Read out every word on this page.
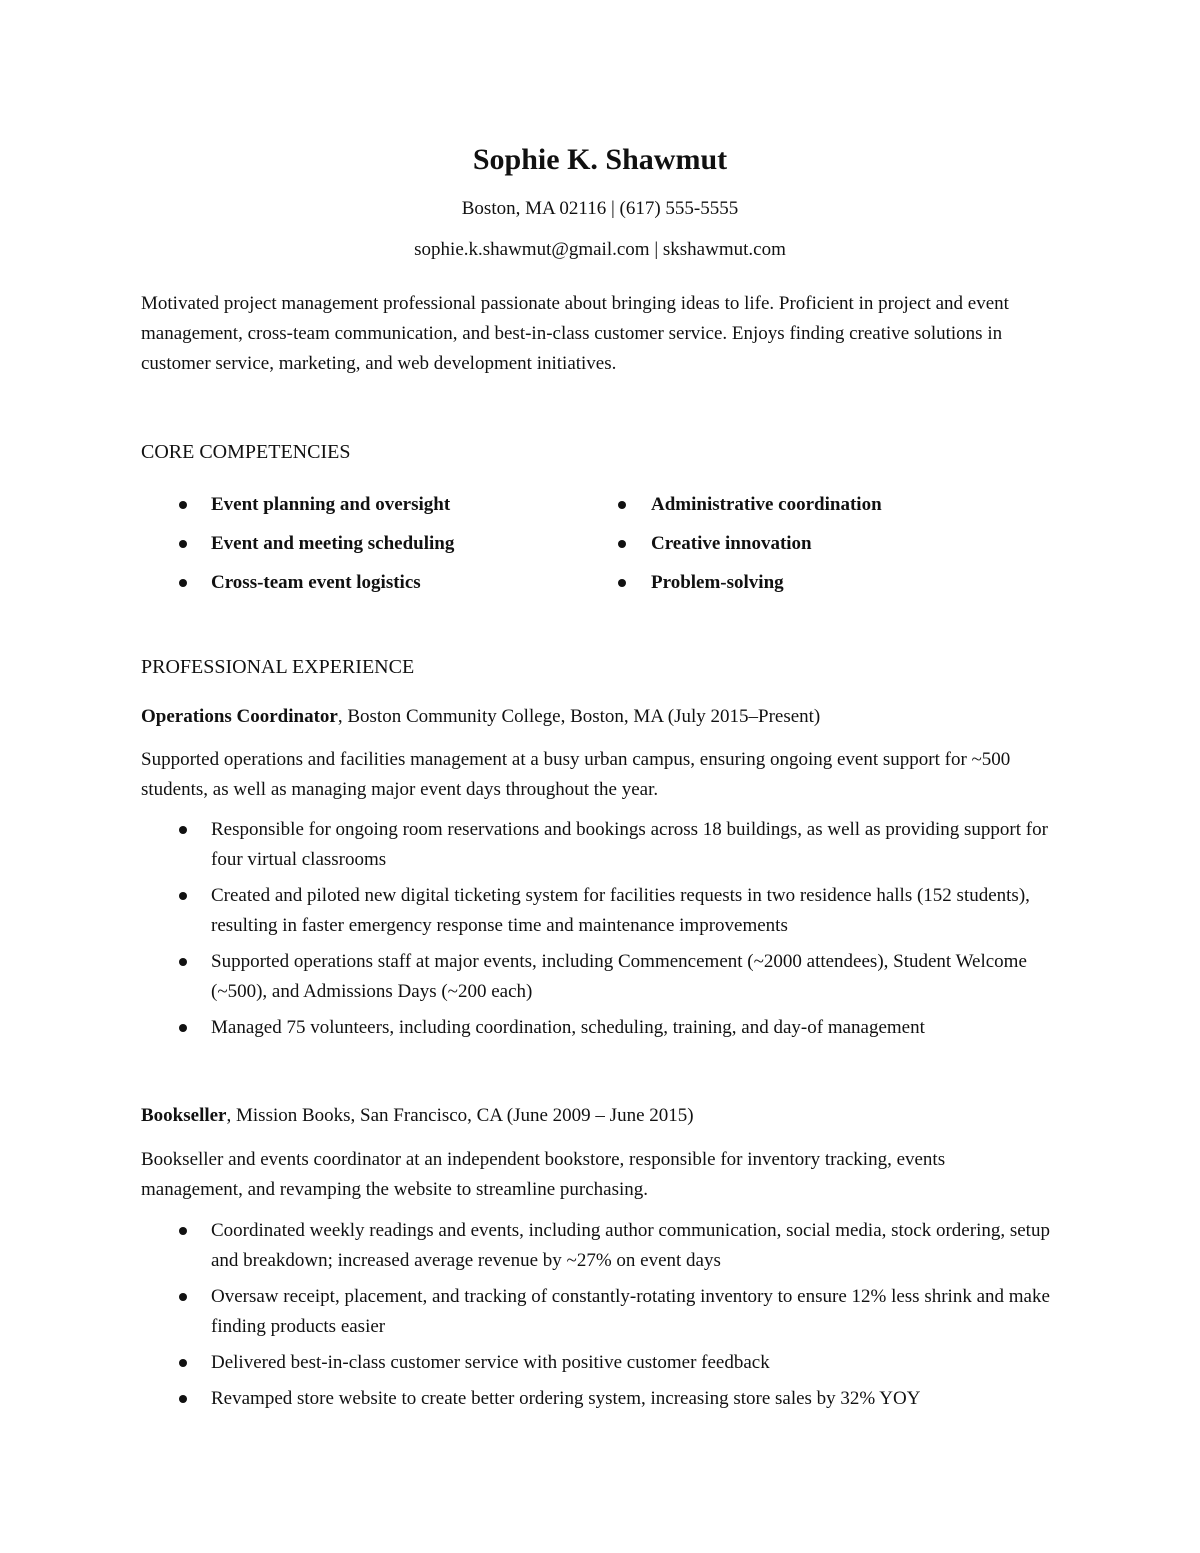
Sophie K. Shawmut
Boston, MA 02116 | (617) 555-5555
sophie.k.shawmut@gmail.com | skshawmut.com
Motivated project management professional passionate about bringing ideas to life. Proficient in project and event management, cross-team communication, and best-in-class customer service. Enjoys finding creative solutions in customer service, marketing, and web development initiatives.
CORE COMPETENCIES
Event planning and oversight
Event and meeting scheduling
Cross-team event logistics
Administrative coordination
Creative innovation
Problem-solving
PROFESSIONAL EXPERIENCE
Operations Coordinator, Boston Community College, Boston, MA (July 2015–Present)
Supported operations and facilities management at a busy urban campus, ensuring ongoing event support for ~500 students, as well as managing major event days throughout the year.
Responsible for ongoing room reservations and bookings across 18 buildings, as well as providing support for four virtual classrooms
Created and piloted new digital ticketing system for facilities requests in two residence halls (152 students), resulting in faster emergency response time and maintenance improvements
Supported operations staff at major events, including Commencement (~2000 attendees), Student Welcome (~500), and Admissions Days (~200 each)
Managed 75 volunteers, including coordination, scheduling, training, and day-of management
Bookseller, Mission Books, San Francisco, CA (June 2009 – June 2015)
Bookseller and events coordinator at an independent bookstore, responsible for inventory tracking, events management, and revamping the website to streamline purchasing.
Coordinated weekly readings and events, including author communication, social media, stock ordering, setup and breakdown; increased average revenue by ~27% on event days
Oversaw receipt, placement, and tracking of constantly-rotating inventory to ensure 12% less shrink and make finding products easier
Delivered best-in-class customer service with positive customer feedback
Revamped store website to create better ordering system, increasing store sales by 32% YOY
